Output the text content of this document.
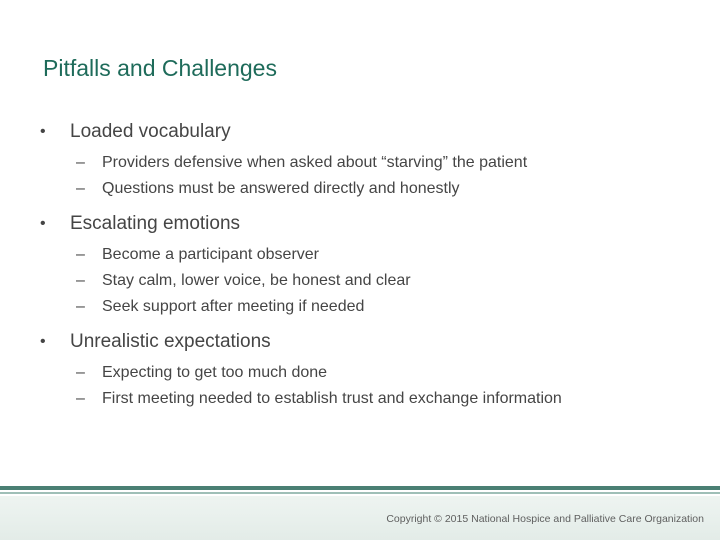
Pitfalls and Challenges
• Loaded vocabulary
– Providers defensive when asked about “starving” the patient
– Questions must be answered directly and honestly
• Escalating emotions
– Become a participant observer
– Stay calm, lower voice, be honest and clear
– Seek support after meeting if needed
• Unrealistic expectations
– Expecting to get too much done
– First meeting needed to establish trust and exchange information
Copyright © 2015 National Hospice and Palliative Care Organization
